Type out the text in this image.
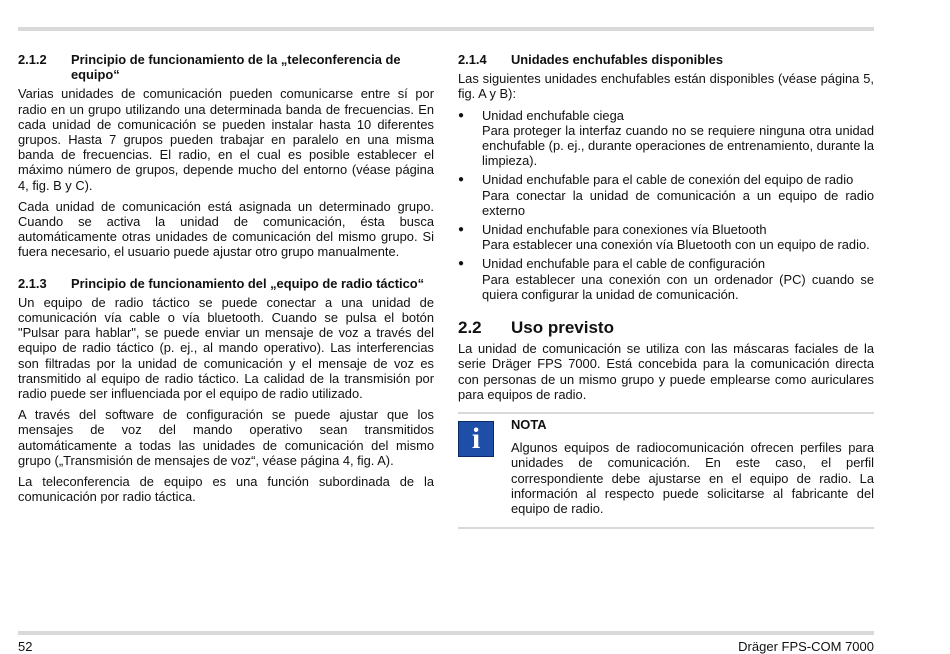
2.1.2	Principio de funcionamiento de la „teleconferencia de equipo“

Varias unidades de comunicación pueden comunicarse entre sí por radio en un grupo utilizando una determinada banda de frecuencias. En cada unidad de comunicación se pueden instalar hasta 10 diferentes grupos. Hasta 7 grupos pueden trabajar en paralelo en una misma banda de frecuencias. El radio, en el cual es posible establecer el máximo número de grupos, depende mucho del entorno (véase página 4, fig. B y C).

Cada unidad de comunicación está asignada un determinado grupo. Cuando se activa la unidad de comunicación, ésta busca automáticamente otras unidades de comunicación del mismo grupo. Si fuera necesario, el usuario puede ajustar otro grupo manualmente.

2.1.3	Principio de funcionamiento del „equipo de radio táctico“

Un equipo de radio táctico se puede conectar a una unidad de comunicación vía cable o vía bluetooth. Cuando se pulsa el botón "Pulsar para hablar", se puede enviar un mensaje de voz a través del equipo de radio táctico (p. ej., al mando operativo). Las interferencias son filtradas por la unidad de comunicación y el mensaje de voz es transmitido al equipo de radio táctico. La calidad de la transmisión por radio puede ser influenciada por el equipo de radio utilizado.

A través del software de configuración se puede ajustar que los mensajes de voz del mando operativo sean transmitidos automáticamente a todas las unidades de comunicación del mismo grupo („Transmisión de mensajes de voz“, véase página 4, fig. A).

La teleconferencia de equipo es una función subordinada de la comunicación por radio táctica.

2.1.4	Unidades enchufables disponibles

Las siguientes unidades enchufables están disponibles (véase página 5, fig. A y B):

●	Unidad enchufable ciega
Para proteger la interfaz cuando no se requiere ninguna otra unidad enchufable (p. ej., durante operaciones de entrenamiento, durante la limpieza).
●	Unidad enchufable para el cable de conexión del equipo de radio
Para conectar la unidad de comunicación a un equipo de radio externo
●	Unidad enchufable para conexiones vía Bluetooth
Para establecer una conexión vía Bluetooth con un equipo de radio.
●	Unidad enchufable para el cable de configuración
Para establecer una conexión con un ordenador (PC) cuando se quiera configurar la unidad de comunicación.
2.2	Uso previsto

La unidad de comunicación se utiliza con las máscaras faciales de la serie Dräger FPS 7000. Está concebida para la comunicación directa con personas de un mismo grupo y puede emplearse como auriculares para equipos de radio.

i	NOTA

Algunos equipos de radiocomunicación ofrecen perfiles para unidades de comunicación. En este caso, el perfil correspondiente debe ajustarse en el equipo de radio. La información al respecto puede solicitarse al fabricante del equipo de radio.

52	Dräger FPS-COM 7000
